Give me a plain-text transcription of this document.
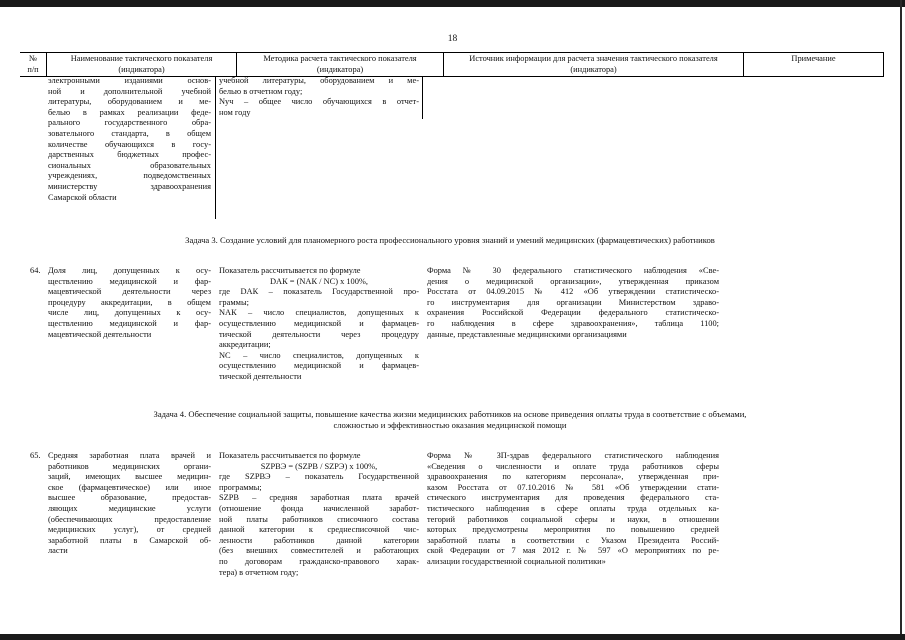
18
№
п/п
Наименование тактического показателя (индикатора)
Методика расчета тактического показателя (индикатора)
Источник информации для расчета значения тактического показателя (индикатора)
Примечание
электронными изданиями основ-
ной и дополнительной учебной
литературы, оборудованием и ме-
белью в рамках реализации феде-
рального государственного обра-
зовательного стандарта, в общем
количестве обучающихся в госу-
дарственных бюджетных профес-
сиональных образовательных
учреждениях, подведомственных
министерству здравоохранения
Самарской области
учебной литературы, оборудованием и ме-
белью в отчетном году;
Nуч – общее число обучающихся в отчет-
ном году
Задача 3. Создание условий для планомерного роста профессионального уровня знаний и умений медицинских (фармацевтических) работников
64. Доля лиц, допущенных к осу-
ществлению медицинской и фар-
мацевтической деятельности через
процедуру аккредитации, в общем
числе лиц, допущенных к осу-
ществлению медицинской и фар-
мацевтической деятельности
Показатель рассчитывается по формуле
DАК = (NАК / NС) х 100%,
где DАК – показатель Государственной про-
граммы;
NАК – число специалистов, допущенных к
осуществлению медицинской и фармацев-
тической деятельности через процедуру
аккредитации;
NС – число специалистов, допущенных к
осуществлению медицинской и фармацев-
тической деятельности
Форма № 30 федерального статистического наблюдения «Све-
дения о медицинской организации», утвержденная приказом
Росстата от 04.09.2015 № 412 «Об утверждении статистическо-
го инструментария для организации Министерством здраво-
охранения Российской Федерации федерального статистическо-
го наблюдения в сфере здравоохранения», таблица 1100;
данные, представленные медицинскими организациями
Задача 4. Обеспечение социальной защиты, повышение качества жизни медицинских работников на основе приведения оплаты труда в соответствие с объемами,
сложностью и эффективностью оказания медицинской помощи
65. Средняя заработная плата врачей и
работников медицинских органи-
заций, имеющих высшее медицин-
ское (фармацевтическое) или иное
высшее образование, предостав-
ляющих медицинские услуги
(обеспечивающих предоставление
медицинских услуг), от средней
заработной платы в Самарской об-
ласти
Показатель рассчитывается по формуле
SZPВЭ = (SZPВ / SZPЭ) х 100%,
где SZPВЭ – показатель Государственной
программы;
SZPВ – средняя заработная плата врачей
(отношение фонда начисленной заработ-
ной платы работников списочного состава
данной категории к среднесписочной чис-
ленности работников данной категории
(без внешних совместителей и работающих
по договорам гражданско-правового харак-
тера) в отчетном году;
Форма № ЗП-здрав федерального статистического наблюдения
«Сведения о численности и оплате труда работников сферы
здравоохранения по категориям персонала», утвержденная при-
казом Росстата от 07.10.2016 № 581 «Об утверждении стати-
стического инструментария для проведения федерального ста-
тистического наблюдения в сфере оплаты труда отдельных ка-
тегорий работников социальной сферы и науки, в отношении
которых предусмотрены мероприятия по повышению средней
заработной платы в соответствии с Указом Президента Россий-
ской Федерации от 7 мая 2012 г. № 597 «О мероприятиях по ре-
ализации государственной социальной политики»
